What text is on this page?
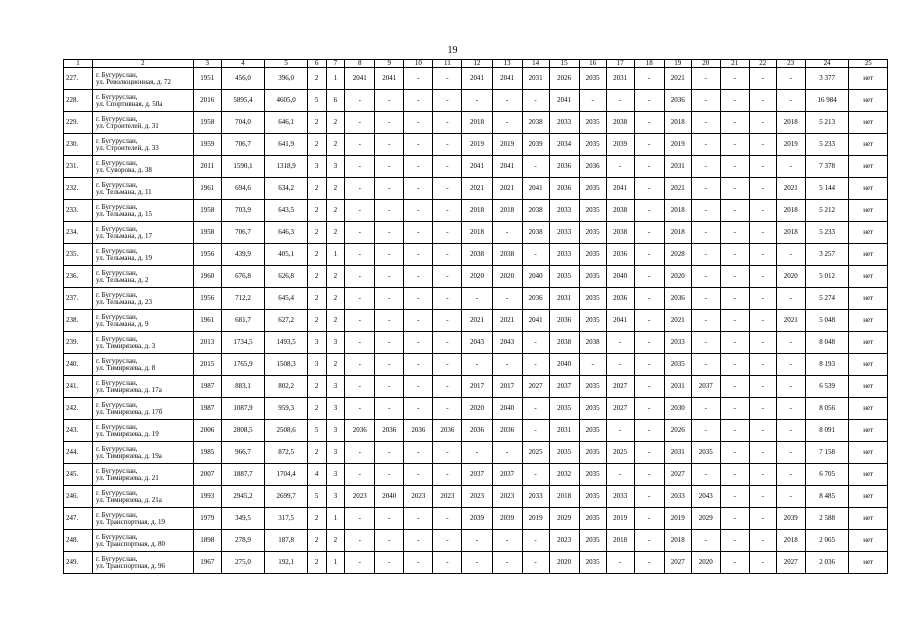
19
1	2	3	4	5	6	7	8	9	10	11	12	13	14	15	16	17	18	19	20	21	22	23	24	25
227.	г. Бугуруслан,
ул. Революционная, д. 72	1951	456,0	396,0	2	1	2041	2041	-	-	2041	2041	2031	2026	2035	2031	-	2021	-	-	-	-	3 377	нет
228.	г. Бугуруслан,
ул. Спортивная, д. 50а	2016	5895,4	4605,0	5	6	-	-	-	-	-	-	-	2041	-	-	-	2036	-	-	-	-	16 984	нет
229.	г. Бугуруслан,
ул. Строителей, д. 31	1958	704,0	646,1	2	2	-	-	-	-	2018	-	2038	2033	2035	2038	-	2018	-	-	-	2018	5 213	нет
230.	г. Бугуруслан,
ул. Строителей, д. 33	1959	706,7	641,9	2	2	-	-	-	-	2019	2019	2039	2034	2035	2039	-	2019	-	-	-	2019	5 233	нет
231.	г. Бугуруслан,
ул. Суворова, д. 38	2011	1590,1	1318,9	3	3	-	-	-	-	2041	2041	-	2036	2036	-	-	2031	-	-	-	-	7 378	нет
232.	г. Бугуруслан,
ул. Тельмана, д. 11	1961	694,6	634,2	2	2	-	-	-	-	2021	2021	2041	2036	2035	2041	-	2021	-	-	-	2021	5 144	нет
233.	г. Бугуруслан,
ул. Тельмана, д. 15	1958	703,9	643,5	2	2	-	-	-	-	2018	2018	2038	2033	2035	2038	-	2018	-	-	-	2018	5 212	нет
234.	г. Бугуруслан,
ул. Тельмана, д. 17	1958	706,7	646,3	2	2	-	-	-	-	2018	-	2038	2033	2035	2038	-	2018	-	-	-	2018	5 233	нет
235.	г. Бугуруслан,
ул. Тельмана, д. 19	1956	439,9	405,1	2	1	-	-	-	-	2038	2038	-	2033	2035	2036	-	2028	-	-	-	-	3 257	нет
236.	г. Бугуруслан,
ул. Тельмана, д. 2	1960	676,8	626,8	2	2	-	-	-	-	2020	2020	2040	2035	2035	2040	-	2020	-	-	-	2020	5 012	нет
237.	г. Бугуруслан,
ул. Тельмана, д. 23	1956	712,2	645,4	2	2	-	-	-	-	-	-	2036	2031	2035	2036	-	2036	-	-	-	-	5 274	нет
238.	г. Бугуруслан,
ул. Тельмана, д. 9	1961	681,7	627,2	2	2	-	-	-	-	2021	2021	2041	2036	2035	2041	-	2021	-	-	-	2021	5 048	нет
239.	г. Бугуруслан,
ул. Тимирязева, д. 3	2013	1734,5	1493,5	3	3	-	-	-	-	2043	2043	-	2038	2038	-	-	2033	-	-	-	-	8 048	нет
240.	г. Бугуруслан,
ул. Тимирязева, д. 8	2015	1765,9	1508,3	3	2	-	-	-	-	-	-	-	2040	-	-	-	2035	-	-	-	-	8 193	нет
241.	г. Бугуруслан,
ул. Тимирязева, д. 17а	1987	883,1	802,2	2	3	-	-	-	-	2017	2017	2027	2037	2035	2027	-	2031	2037	-	-	-	6 539	нет
242.	г. Бугуруслан,
ул. Тимирязева, д. 17б	1987	1087,9	959,3	2	3	-	-	-	-	2020	2040	-	2035	2035	2027	-	2030	-	-	-	-	8 056	нет
243.	г. Бугуруслан,
ул. Тимирязева, д. 19	2006	2808,5	2508,6	5	3	2036	2036	2036	2036	2036	2036	-	2031	2035	-	-	2026	-	-	-	-	8 091	нет
244.	г. Бугуруслан,
ул. Тимирязева, д. 19а	1985	966,7	872,5	2	3	-	-	-	-	-	-	2025	2035	2035	2025	-	2031	2035	-	-	-	7 158	нет
245.	г. Бугуруслан,
ул. Тимирязева, д. 21	2007	1887,7	1704,4	4	3	-	-	-	-	2037	2037	-	2032	2035	-	-	2027	-	-	-	-	6 705	нет
246.	г. Бугуруслан,
ул. Тимирязева, д. 21а	1993	2945,2	2699,7	5	3	2023	2040	2023	2023	2023	2023	2033	2018	2035	2033	-	2033	2043	-	-	-	8 485	нет
247.	г. Бугуруслан,
ул. Транспортная, д. 19	1979	349,5	317,5	2	1	-	-	-	-	2039	2039	2019	2029	2035	2019	-	2019	2029	-	-	2039	2 588	нет
248.	г. Бугуруслан,
ул. Транспортная, д. 80	1898	278,9	187,8	2	2	-	-	-	-	-	-	-	2023	2035	2018	-	2018	-	-	-	2018	2 065	нет
249.	г. Бугуруслан,
ул. Транспортная, д. 96	1967	275,0	192,1	2	1	-	-	-	-	-	-	-	2020	2035	-	-	2027	2020	-	-	2027	2 036	нет
